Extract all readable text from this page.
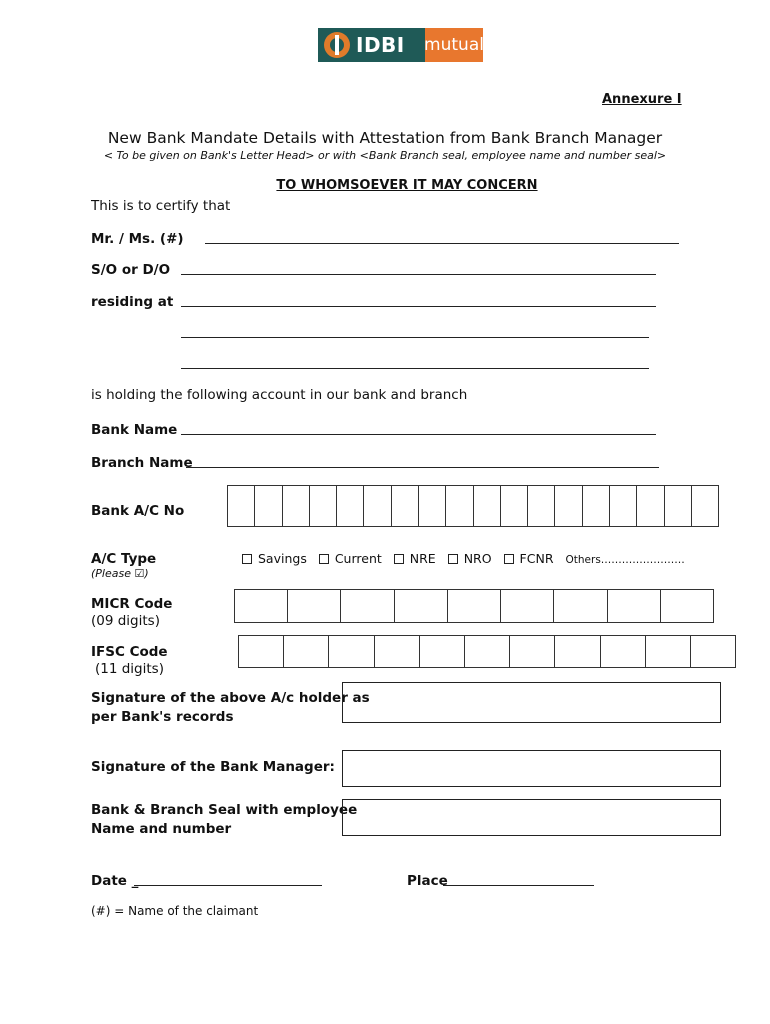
IDBI mutual
Annexure I
New Bank Mandate Details with Attestation from Bank Branch Manager
< To be given on Bank's Letter Head> or with <Bank Branch seal, employee name and number seal>
TO WHOMSOEVER IT MAY CONCERN
This is to certify that
Mr. / Ms. (#)
S/O or D/O
residing at
is holding the following account in our bank and branch
Bank Name
Branch Name
Bank A/C No
A/C Type
(Please ☑)
Savings Current NRE NRO FCNR Others……………………
MICR Code
(09 digits)
IFSC Code
(11 digits)
Signature of the above A/c holder as
per Bank's records
Signature of the Bank Manager:
Bank & Branch Seal with employee
Name and number
Date _	Place
(#) = Name of the claimant
